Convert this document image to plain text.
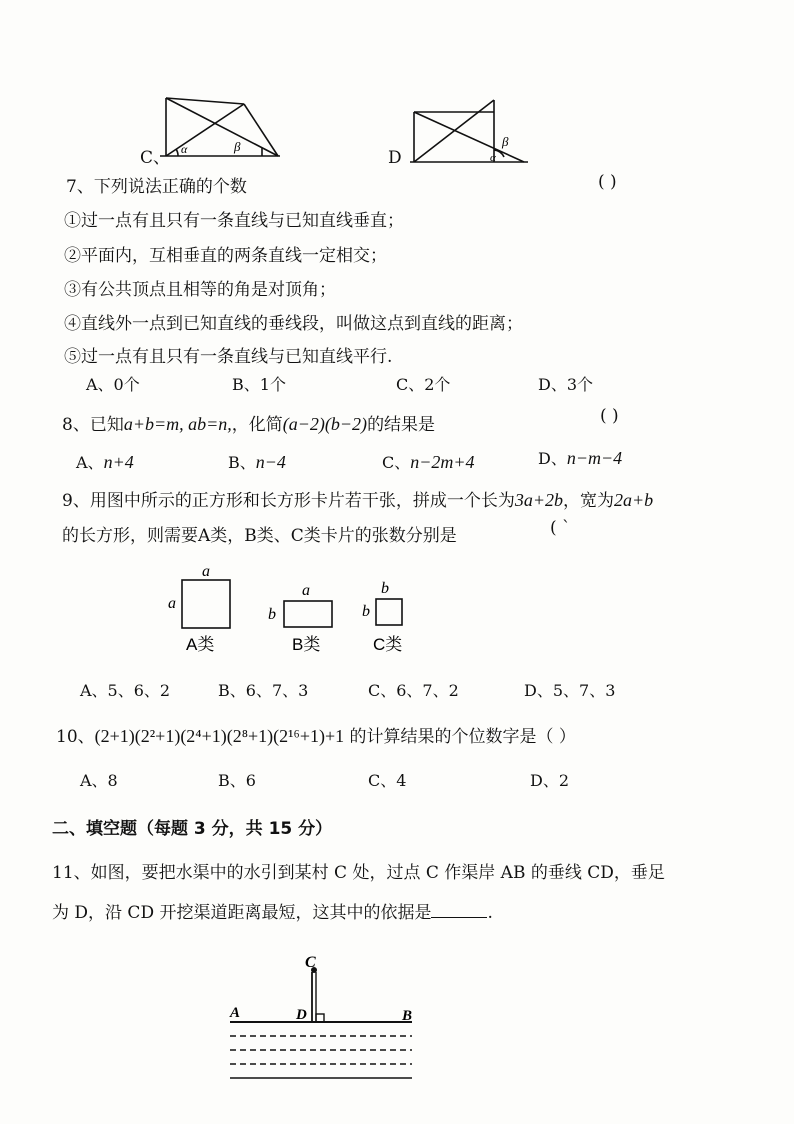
C、 α	β
D
β
α
7、下列说法正确的个数	( )
①过一点有且只有一条直线与已知直线垂直；
②平面内，互相垂直的两条直线一定相交；
③有公共顶点且相等的角是对顶角；
④直线外一点到已知直线的垂线段，叫做这点到直线的距离；
⑤过一点有且只有一条直线与已知直线平行.
A、0个	B、1个	C、2个	D、3个
8、已知a+b=m, ab=n,，化简(a−2)(b−2)的结果是	( )
A、n+4	B、n−4	C、n−2m+4	D、n−m−4
9、用图中所示的正方形和长方形卡片若干张，拼成一个长为3a+2b，宽为2a+b
的长方形，则需要A类，B类、C类卡片的张数分别是	( ˋ
a
a
a
b
b
b
A类	B类	C类
A、5、6、2	B、6、7、3	C、6、7、2	D、5、7、3
10、(2+1)(2²+1)(2⁴+1)(2⁸+1)(2¹⁶+1)+1 的计算结果的个位数字是（ ）
A、8	B、6	C、4	D、2
二、填空题（每题 3 分，共 15 分）
11、如图，要把水渠中的水引到某村 C 处，过点 C 作渠岸 AB 的垂线 CD，垂足
为 D，沿 CD 开挖渠道距离最短，这其中的依据是	.
C
A	D	B
